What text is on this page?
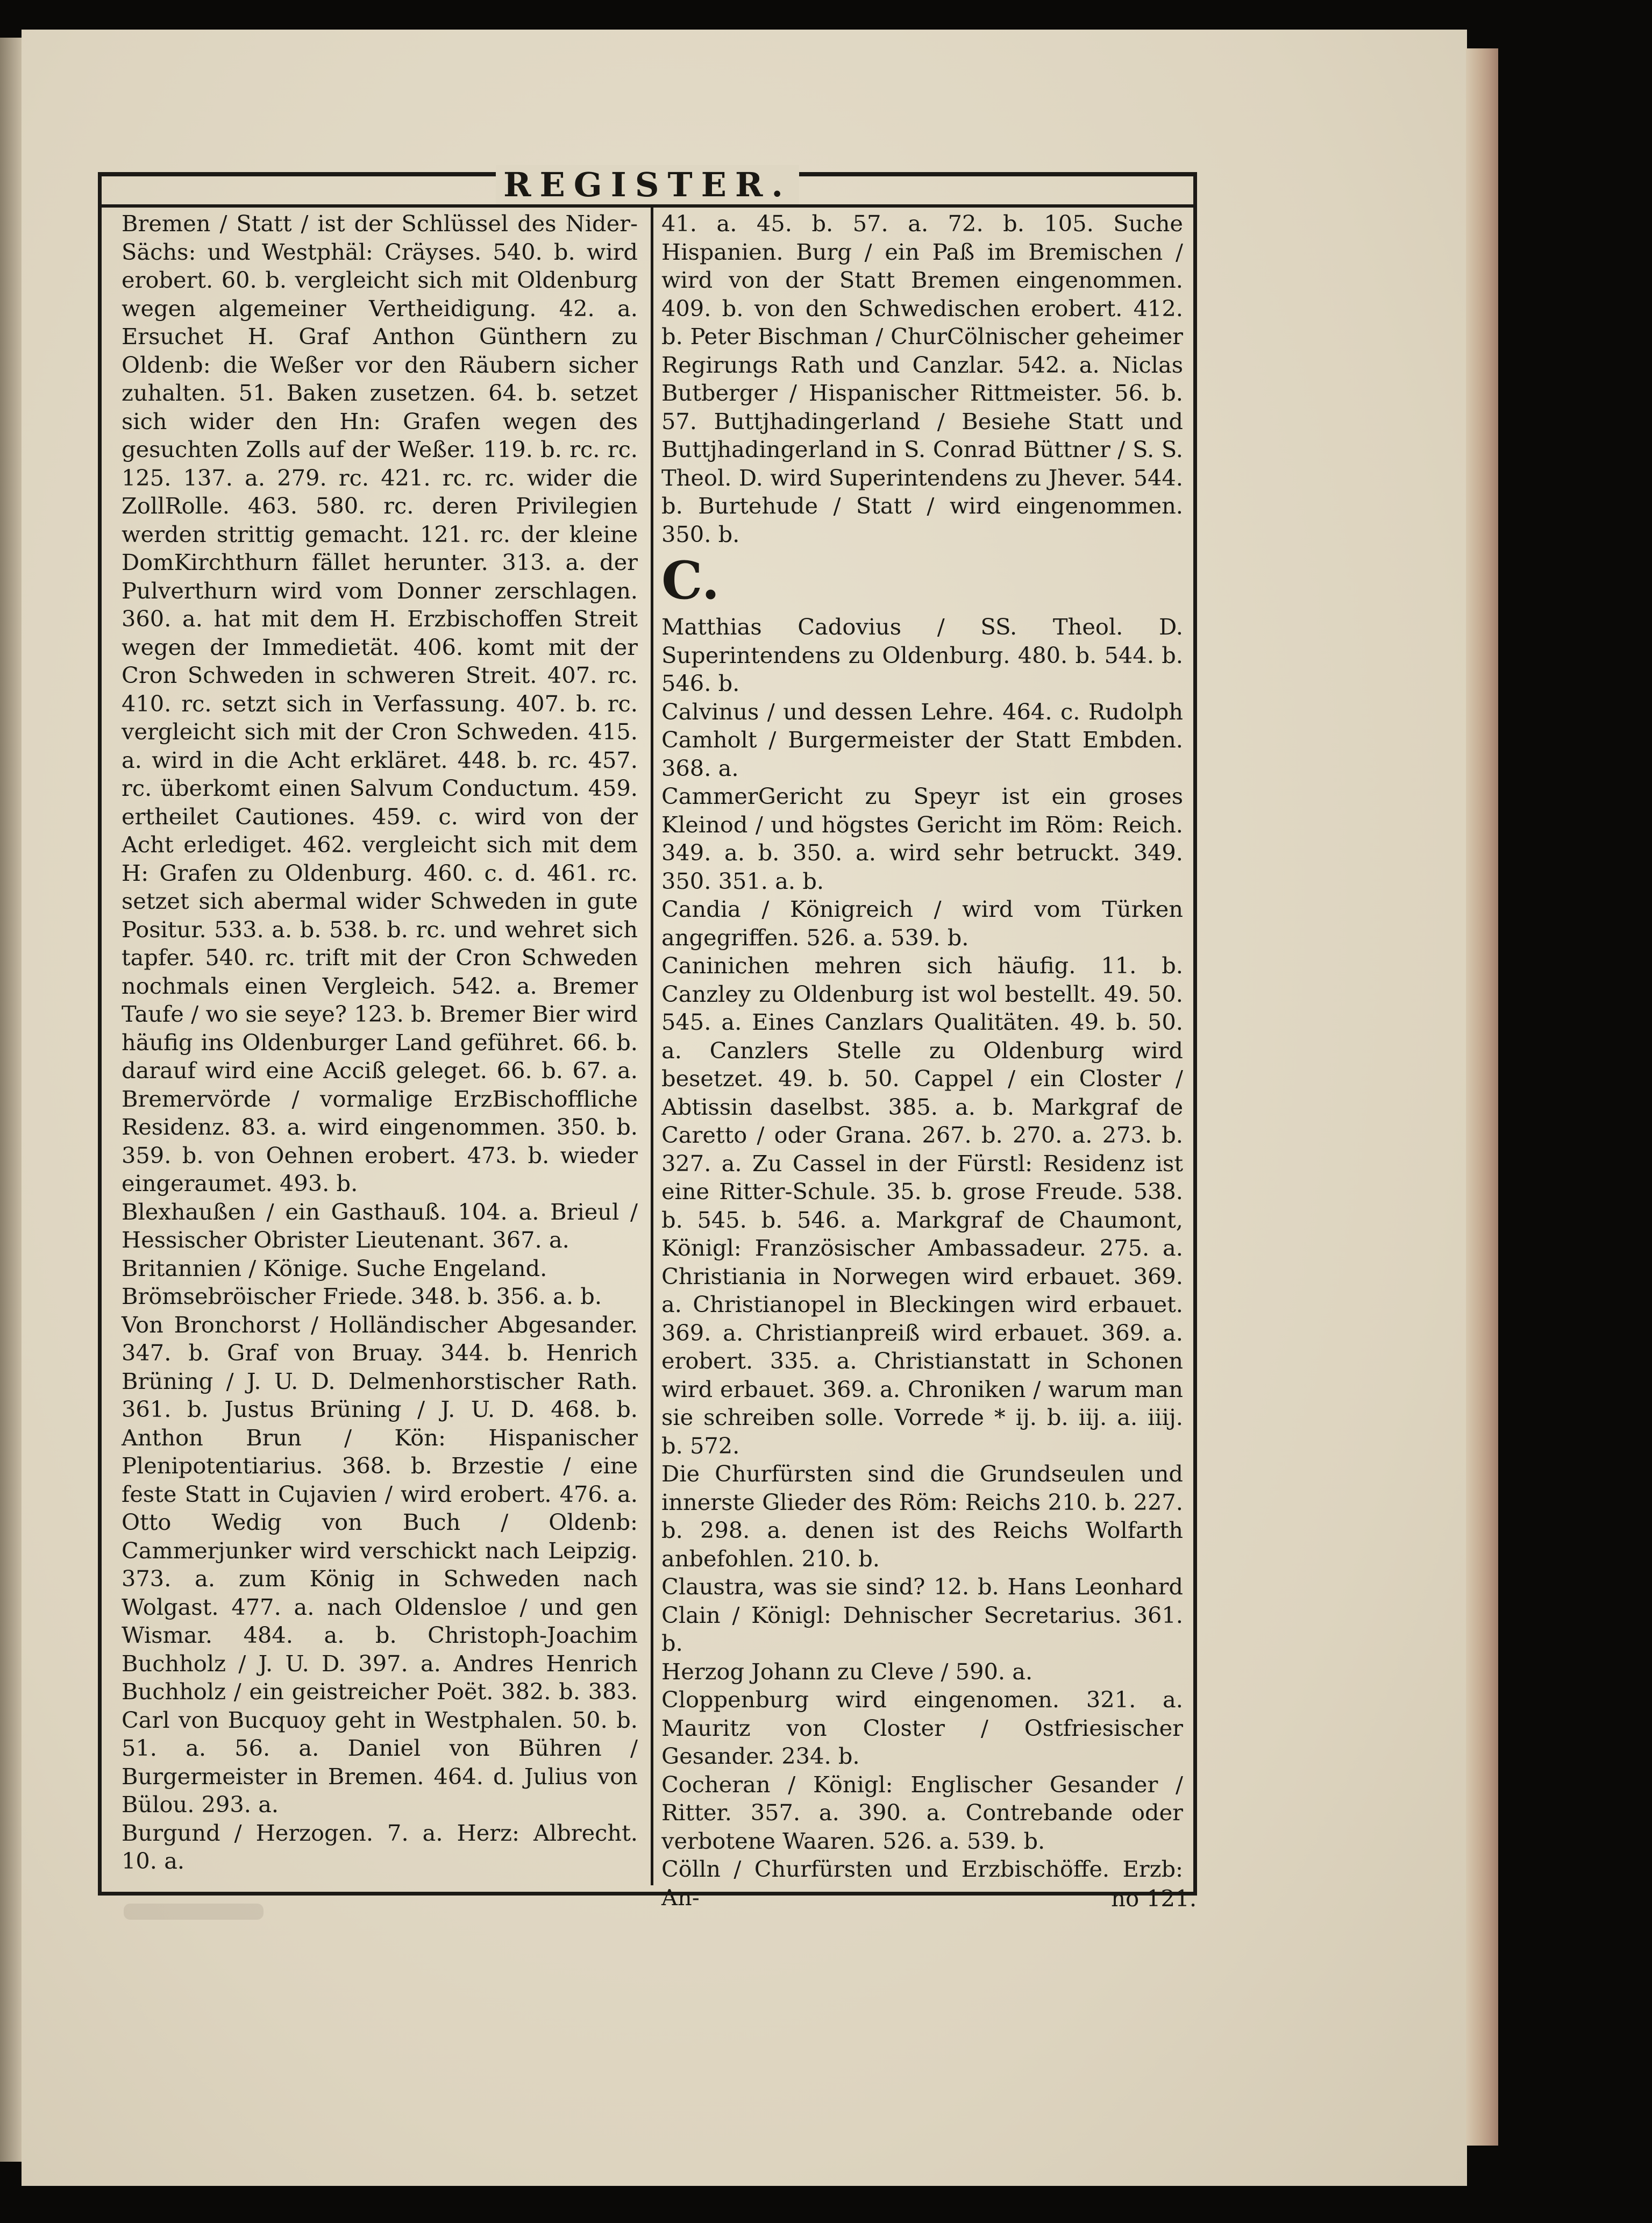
REGISTER.

Bremen / Statt / ist der Schlüssel des Nider-Sächs: und Westphäl: Cräyses. 540. b. wird erobert. 60. b. vergleicht sich mit Oldenburg wegen algemeiner Vertheidigung. 42. a. Ersuchet H. Graf Anthon Günthern zu Oldenb: die Weßer vor den Räubern sicher zuhalten. 51. Baken zusetzen. 64. b. setzet sich wider den Hn: Grafen wegen des gesuchten Zolls auf der Weßer. 119. b. rc. rc. 125. 137. a. 279. rc. 421. rc. rc. wider die ZollRolle. 463. 580. rc. deren Privilegien werden strittig gemacht. 121. rc. der kleine DomKirchthurn fället herunter. 313. a. der Pulverthurn wird vom Donner zerschlagen. 360. a. hat mit dem H. Erzbischoffen Streit wegen der Immedietät. 406. komt mit der Cron Schweden in schweren Streit. 407. rc. 410. rc. setzt sich in Verfassung. 407. b. rc. vergleicht sich mit der Cron Schweden. 415. a. wird in die Acht erkläret. 448. b. rc. 457. rc. überkomt einen Salvum Conductum. 459. ertheilet Cautiones. 459. c. wird von der Acht erlediget. 462. vergleicht sich mit dem H: Grafen zu Oldenburg. 460. c. d. 461. rc. setzet sich abermal wider Schweden in gute Positur. 533. a. b. 538. b. rc. und wehret sich tapfer. 540. rc. trift mit der Cron Schweden nochmals einen Vergleich. 542. a. Bremer Taufe / wo sie seye? 123. b. Bremer Bier wird häufig ins Oldenburger Land geführet. 66. b. darauf wird eine Acciß geleget. 66. b. 67. a. Bremervörde / vormalige ErzBischoffliche Residenz. 83. a. wird eingenommen. 350. b. 359. b. von Oehnen erobert. 473. b. wieder eingeraumet. 493. b.

Blexhaußen / ein Gasthauß. 104. a. Brieul / Hessischer Obrister Lieutenant. 367. a.

Britannien / Könige. Suche Engeland.

Brömsebröischer Friede. 348. b. 356. a. b.

Von Bronchorst / Holländischer Abgesander. 347. b. Graf von Bruay. 344. b. Henrich Brüning / J. U. D. Delmenhorstischer Rath. 361. b. Justus Brüning / J. U. D. 468. b. Anthon Brun / Kön: Hispanischer Plenipotentiarius. 368. b. Brzestie / eine feste Statt in Cujavien / wird erobert. 476. a. Otto Wedig von Buch / Oldenb: Cammerjunker wird verschickt nach Leipzig. 373. a. zum König in Schweden nach Wolgast. 477. a. nach Oldensloe / und gen Wismar. 484. a. b. Christoph-Joachim Buchholz / J. U. D. 397. a. Andres Henrich Buchholz / ein geistreicher Poët. 382. b. 383. Carl von Bucquoy geht in Westphalen. 50. b. 51. a. 56. a. Daniel von Bühren / Burgermeister in Bremen. 464. d. Julius von Bülou. 293. a.

Burgund / Herzogen. 7. a. Herz: Albrecht. 10. a.

41. a. 45. b. 57. a. 72. b. 105. Suche Hispanien. Burg / ein Paß im Bremischen / wird von der Statt Bremen eingenommen. 409. b. von den Schwedischen erobert. 412. b. Peter Bischman / ChurCölnischer geheimer Regirungs Rath und Canzlar. 542. a. Niclas Butberger / Hispanischer Rittmeister. 56. b. 57. Buttjhadingerland / Besiehe Statt und Buttjhadingerland in S. Conrad Büttner / S. S. Theol. D. wird Superintendens zu Jhever. 544. b. Burtehude / Statt / wird eingenommen. 350. b.

C.

Matthias Cadovius / SS. Theol. D. Superintendens zu Oldenburg. 480. b. 544. b. 546. b.

Calvinus / und dessen Lehre. 464. c. Rudolph Camholt / Burgermeister der Statt Embden. 368. a.

CammerGericht zu Speyr ist ein groses Kleinod / und högstes Gericht im Röm: Reich. 349. a. b. 350. a. wird sehr betruckt. 349. 350. 351. a. b.

Candia / Königreich / wird vom Türken angegriffen. 526. a. 539. b.

Caninichen mehren sich häufig. 11. b. Canzley zu Oldenburg ist wol bestellt. 49. 50. 545. a. Eines Canzlars Qualitäten. 49. b. 50. a. Canzlers Stelle zu Oldenburg wird besetzet. 49. b. 50. Cappel / ein Closter / Abtissin daselbst. 385. a. b. Markgraf de Caretto / oder Grana. 267. b. 270. a. 273. b. 327. a. Zu Cassel in der Fürstl: Residenz ist eine Ritter-Schule. 35. b. grose Freude. 538. b. 545. b. 546. a. Markgraf de Chaumont, Königl: Französischer Ambassadeur. 275. a. Christiania in Norwegen wird erbauet. 369. a. Christianopel in Bleckingen wird erbauet. 369. a. Christianpreiß wird erbauet. 369. a. erobert. 335. a. Christianstatt in Schonen wird erbauet. 369. a. Chroniken / warum man sie schreiben solle. Vorrede * ij. b. iij. a. iiij. b. 572.

Die Churfürsten sind die Grundseulen und innerste Glieder des Röm: Reichs 210. b. 227. b. 298. a. denen ist des Reichs Wolfarth anbefohlen. 210. b.

Claustra, was sie sind? 12. b. Hans Leonhard Clain / Königl: Dehnischer Secretarius. 361. b.

Herzog Johann zu Cleve / 590. a.

Cloppenburg wird eingenomen. 321. a. Mauritz von Closter / Ostfriesischer Gesander. 234. b.

Cocheran / Königl: Englischer Gesander / Ritter. 357. a. 390. a. Contrebande oder verbotene Waaren. 526. a. 539. b.

Cölln / Churfürsten und Erzbischöffe. Erzb: An-	no 121.
